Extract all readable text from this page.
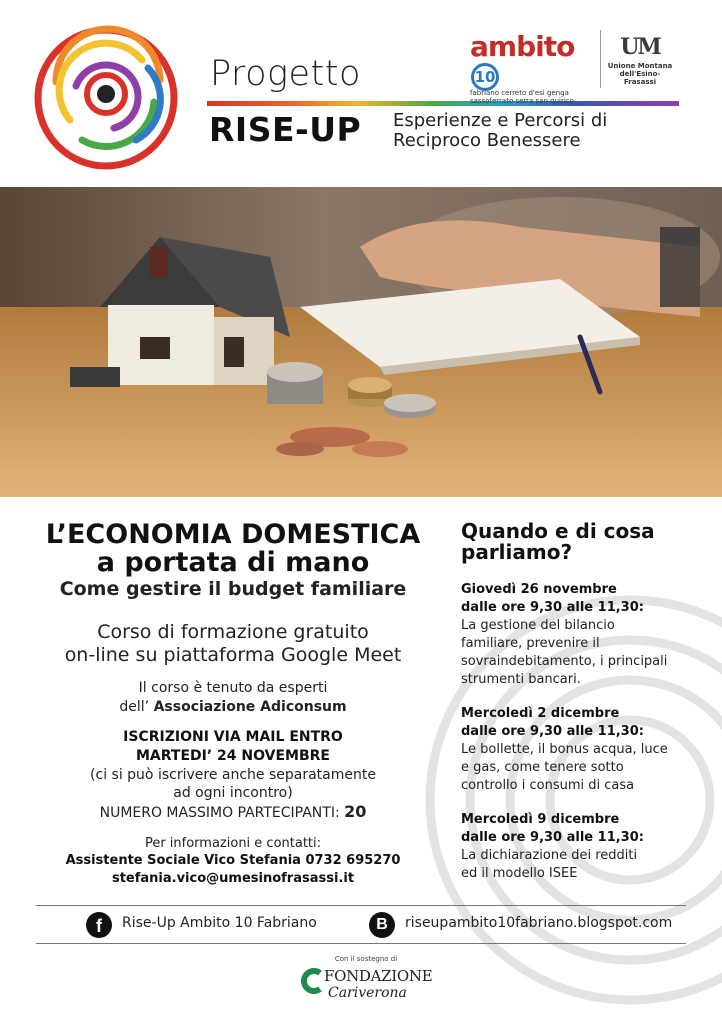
Progetto
RISE-UP Esperienze e Percorsi di
Reciproco Benessere
ambito10
fabriano cerreto d'esi genga
sassoferrato serra san quirico
UM
Unione Montana
dell'Esino-Frasassi
L’ECONOMIA DOMESTICA
a portata di mano
Come gestire il budget familiare
Corso di formazione gratuito
on-line su piattaforma Google Meet
Il corso è tenuto da esperti
dell’ Associazione Adiconsum
ISCRIZIONI VIA MAIL ENTRO
MARTEDI’ 24 NOVEMBRE
(ci si può iscrivere anche separatamente
ad ogni incontro)
NUMERO MASSIMO PARTECIPANTI: 20
Per informazioni e contatti:
Assistente Sociale Vico Stefania 0732 695270
stefania.vico@umesinofrasassi.it
Quando e di cosa
parliamo?
Giovedì 26 novembre
dalle ore 9,30 alle 11,30:
La gestione del bilancio
familiare, prevenire il
sovraindebitamento, i principali
strumenti bancari.
Mercoledì 2 dicembre
dalle ore 9,30 alle 11,30:
Le bollette, il bonus acqua, luce
e gas, come tenere sotto
controllo i consumi di casa
Mercoledì 9 dicembre
dalle ore 9,30 alle 11,30:
La dichiarazione dei redditi
ed il modello ISEE
f	Rise-Up Ambito 10 Fabriano	B	riseupambito10fabriano.blogspot.com
Con il sostegno di
FONDAZIONE
Cariverona
